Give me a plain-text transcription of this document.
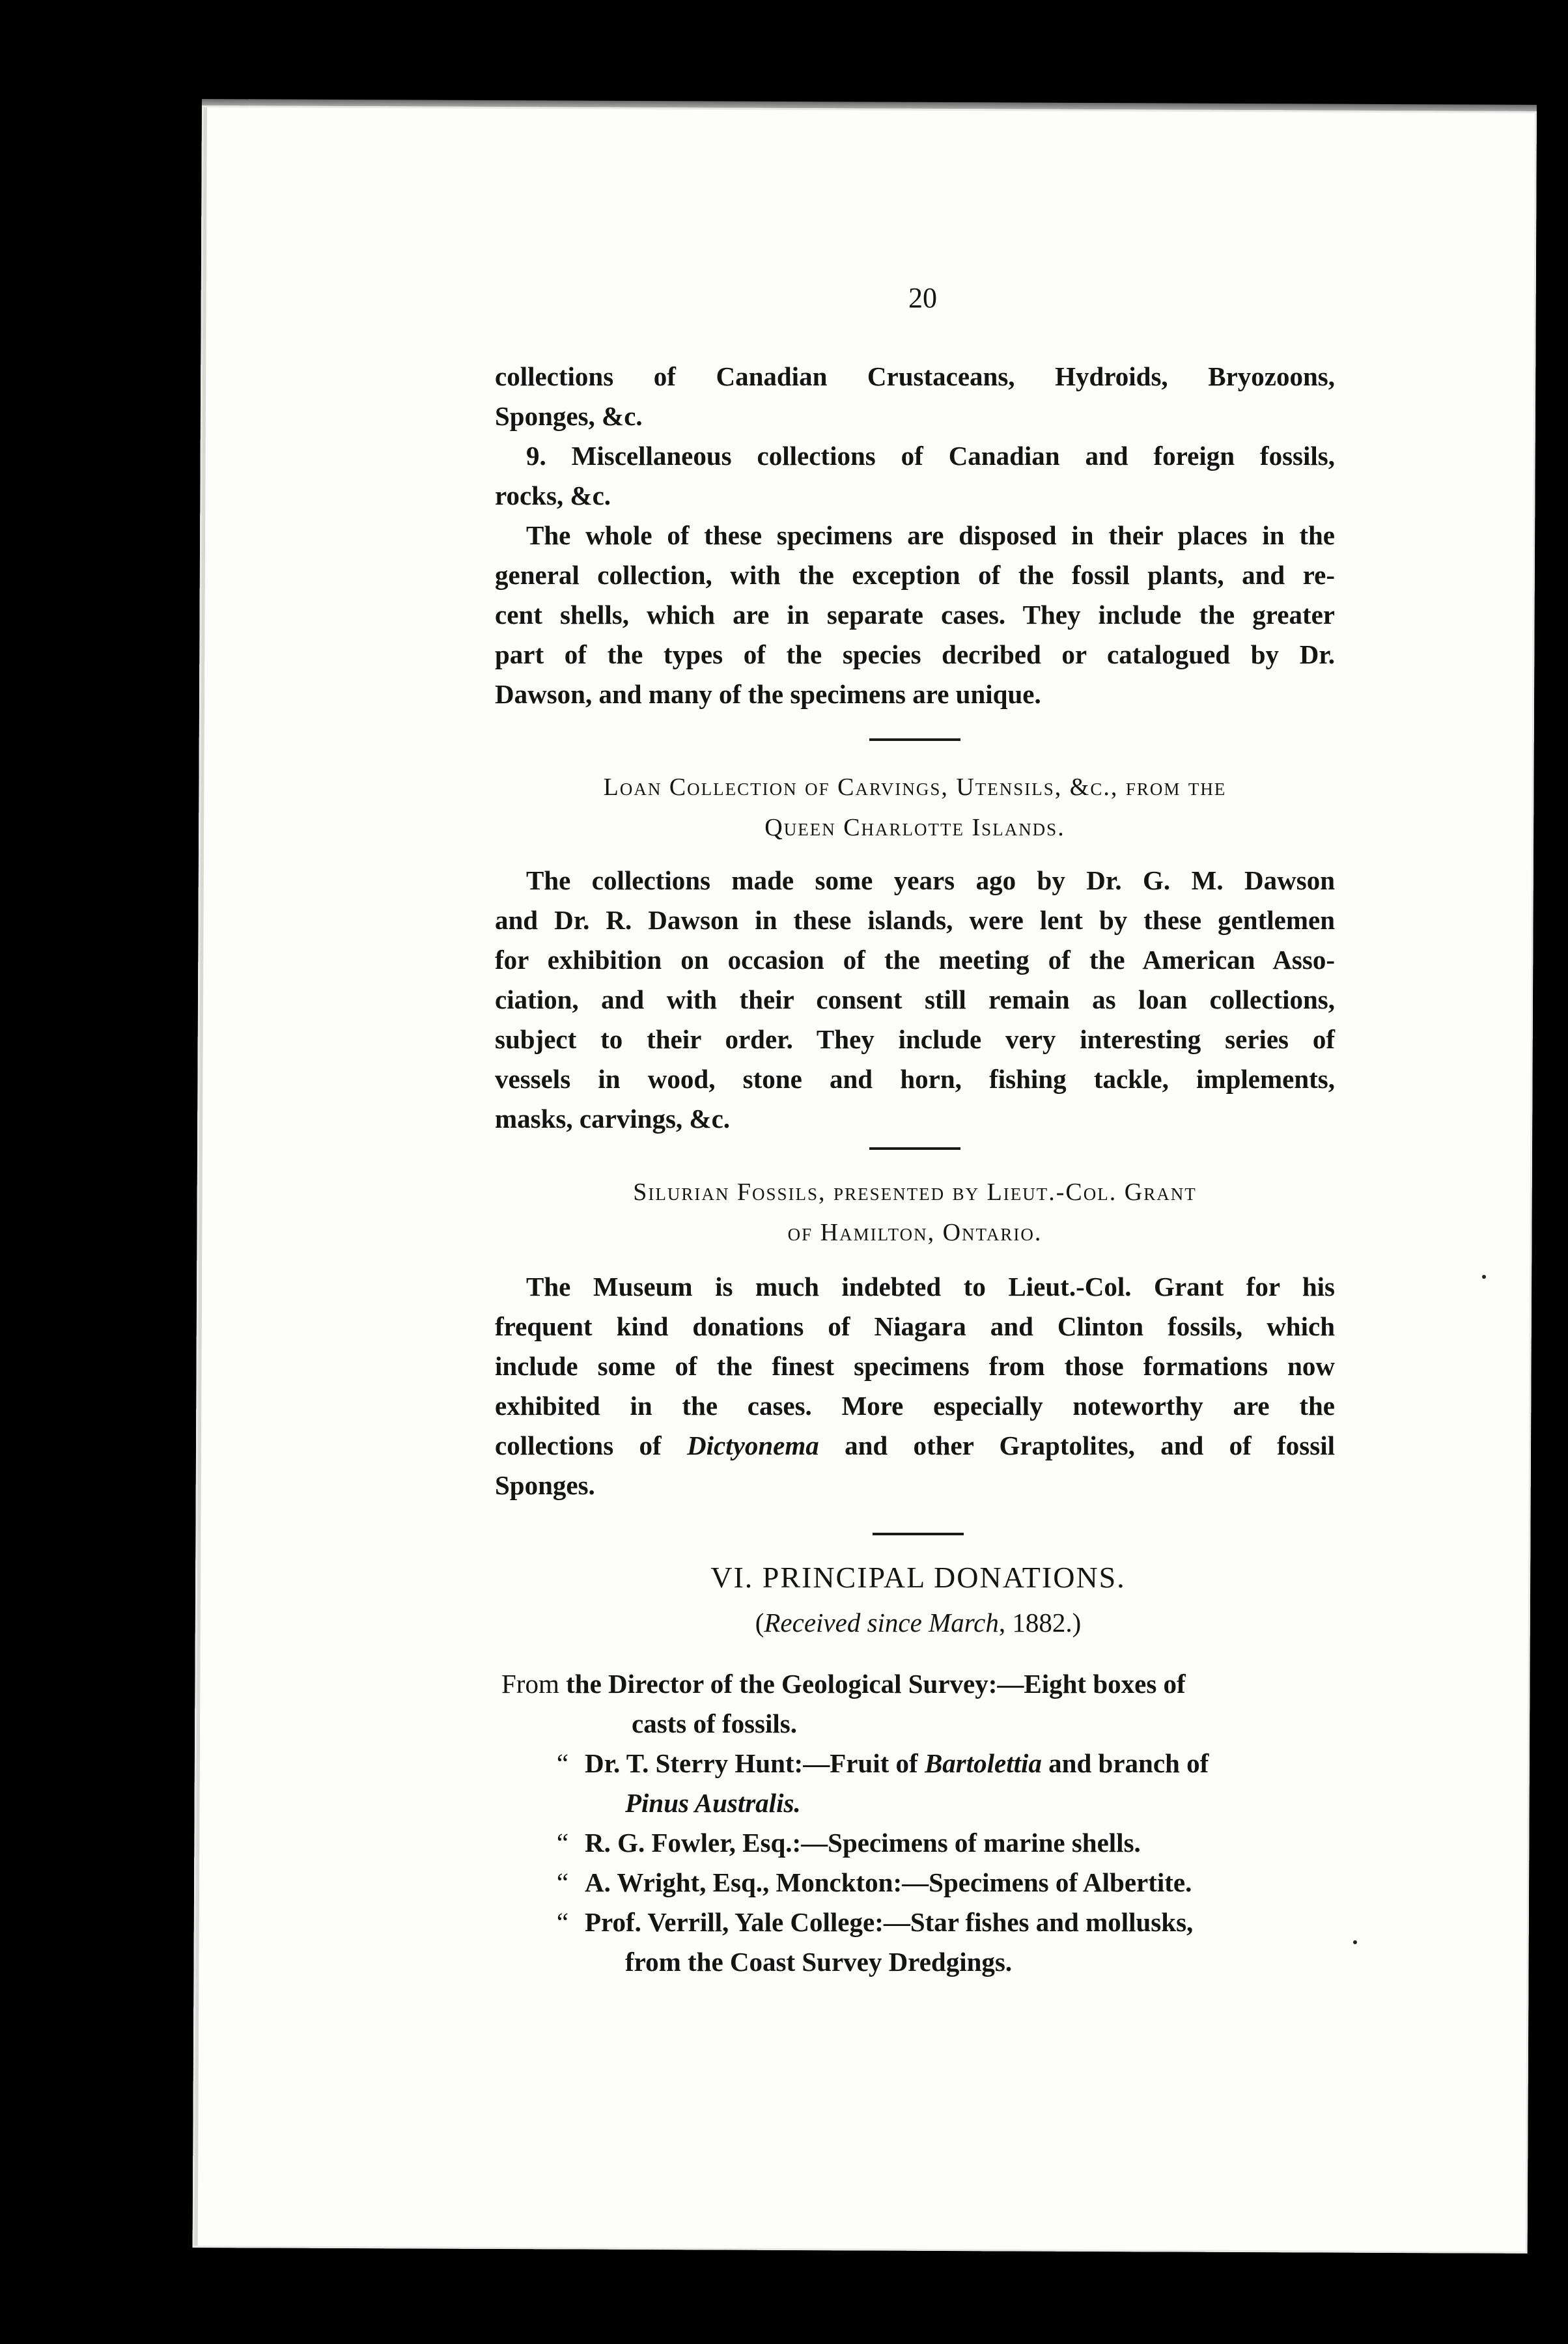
20
collections of Canadian Crustaceans, Hydroids, Bryozoons,
Sponges, &c.
9. Miscellaneous collections of Canadian and foreign fossils,
rocks, &c.
The whole of these specimens are disposed in their places in the
general collection, with the exception of the fossil plants, and re-
cent shells, which are in separate cases. They include the greater
part of the types of the species decribed or catalogued by Dr.
Dawson, and many of the specimens are unique.
Loan Collection of Carvings, Utensils, &c., from the
Queen Charlotte Islands.
The collections made some years ago by Dr. G. M. Dawson
and Dr. R. Dawson in these islands, were lent by these gentlemen
for exhibition on occasion of the meeting of the American Asso-
ciation, and with their consent still remain as loan collections,
subject to their order. They include very interesting series of
vessels in wood, stone and horn, fishing tackle, implements,
masks, carvings, &c.
Silurian Fossils, presented by Lieut.-Col. Grant
of Hamilton, Ontario.
The Museum is much indebted to Lieut.-Col. Grant for his
frequent kind donations of Niagara and Clinton fossils, which
include some of the finest specimens from those formations now
exhibited in the cases. More especially noteworthy are the
collections of Dictyonema and other Graptolites, and of fossil
Sponges.
VI. PRINCIPAL DONATIONS.
(Received since March, 1882.)
From the Director of the Geological Survey:—Eight boxes of
casts of fossils.
“ Dr. T. Sterry Hunt:—Fruit of Bartolettia and branch of
Pinus Australis.
“ R. G. Fowler, Esq.:—Specimens of marine shells.
“ A. Wright, Esq., Monckton:—Specimens of Albertite.
“ Prof. Verrill, Yale College:—Star fishes and mollusks,
from the Coast Survey Dredgings.
